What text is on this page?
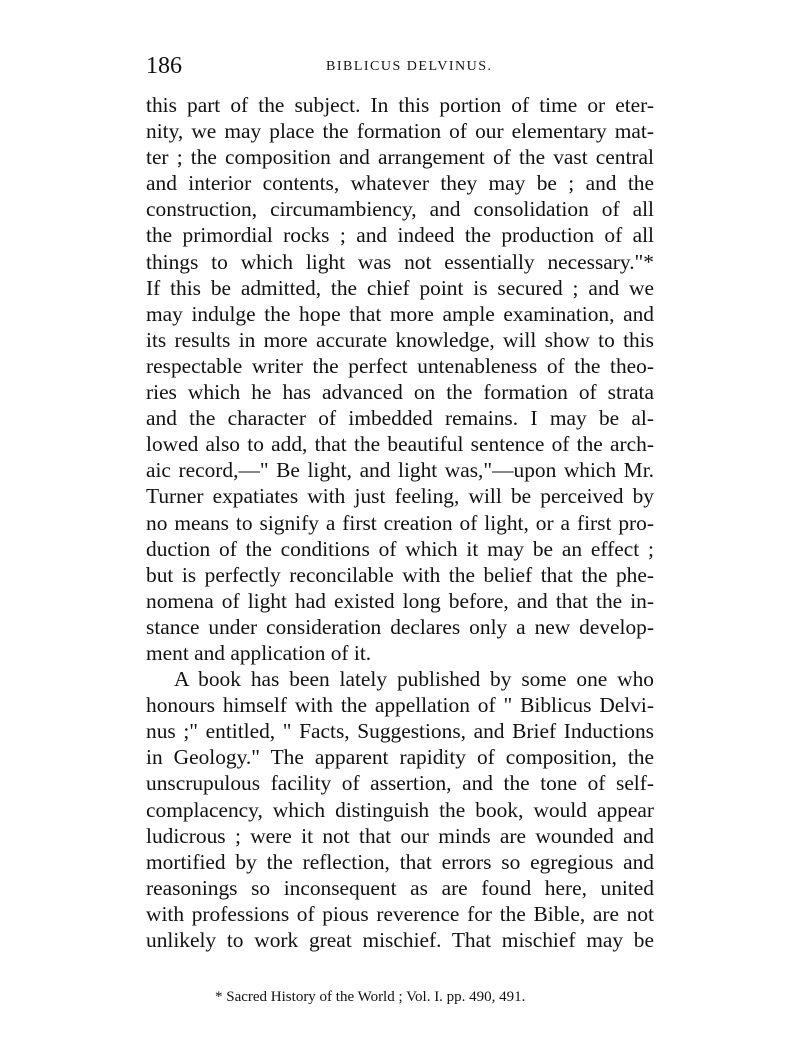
186	BIBLICUS DELVINUS.
this part of the subject. In this portion of time or eter-
nity, we may place the formation of our elementary mat-
ter ; the composition and arrangement of the vast central
and interior contents, whatever they may be ; and the
construction, circumambiency, and consolidation of all
the primordial rocks ; and indeed the production of all
things to which light was not essentially necessary."*
If this be admitted, the chief point is secured ; and we
may indulge the hope that more ample examination, and
its results in more accurate knowledge, will show to this
respectable writer the perfect untenableness of the theo-
ries which he has advanced on the formation of strata
and the character of imbedded remains. I may be al-
lowed also to add, that the beautiful sentence of the arch-
aic record,—" Be light, and light was,"—upon which Mr.
Turner expatiates with just feeling, will be perceived by
no means to signify a first creation of light, or a first pro-
duction of the conditions of which it may be an effect ;
but is perfectly reconcilable with the belief that the phe-
nomena of light had existed long before, and that the in-
stance under consideration declares only a new develop-
ment and application of it.
A book has been lately published by some one who
honours himself with the appellation of " Biblicus Delvi-
nus ;" entitled, " Facts, Suggestions, and Brief Inductions
in Geology." The apparent rapidity of composition, the
unscrupulous facility of assertion, and the tone of self-
complacency, which distinguish the book, would appear
ludicrous ; were it not that our minds are wounded and
mortified by the reflection, that errors so egregious and
reasonings so inconsequent as are found here, united
with professions of pious reverence for the Bible, are not
unlikely to work great mischief. That mischief may be
* Sacred History of the World ; Vol. I. pp. 490, 491.
